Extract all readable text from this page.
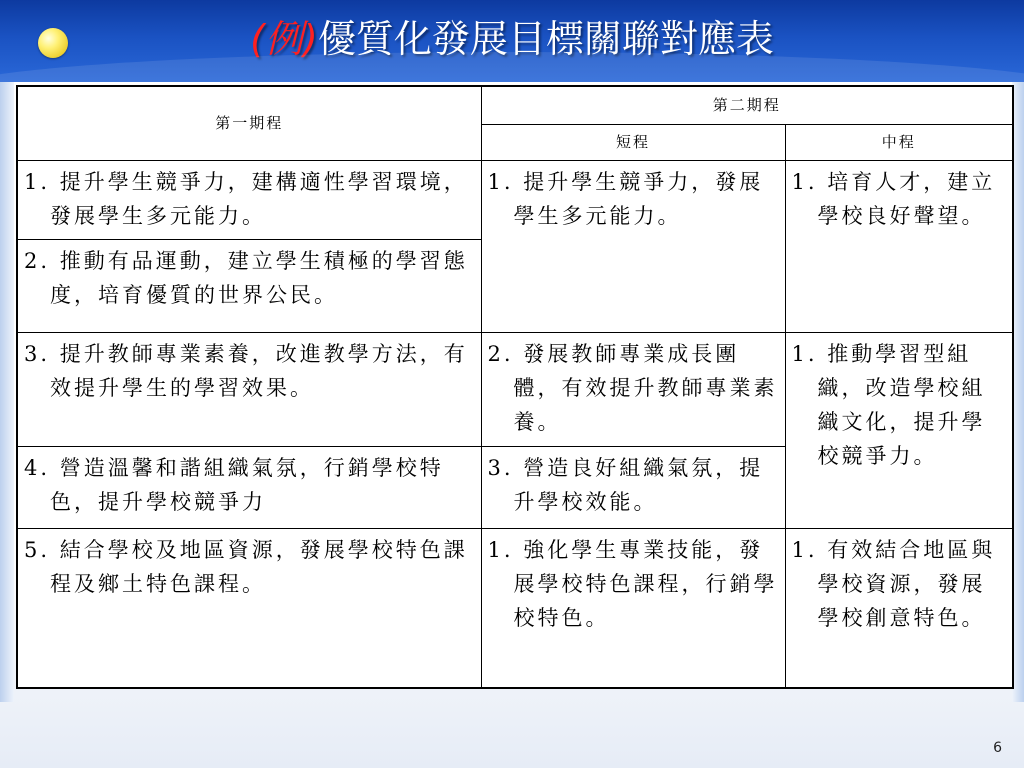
(例)優質化發展目標關聯對應表
第一期程	第二期程	
	短程	中程

1. 提升學生競爭力，建構適性學習環境，發展學生多元能力。	1. 提升學生競爭力，發展學生多元能力。	1. 培育人才，建立學校良好聲望。

2. 推動有品運動，建立學生積極的學習態度，培育優質的世界公民。		

3. 提升教師專業素養，改進教學方法，有效提升學生的學習效果。	2. 發展教師專業成長團體，有效提升教師專業素養。	1. 推動學習型組織，改造學校組織文化，提升學校競爭力。

4. 營造溫馨和諧組織氣氛，行銷學校特色，提升學校競爭力	3. 營造良好組織氣氛，提升學校效能。	

5. 結合學校及地區資源，發展學校特色課程及鄉土特色課程。	1. 強化學生專業技能，發展學校特色課程，行銷學校特色。	1. 有效結合地區與學校資源，發展學校創意特色。
6
